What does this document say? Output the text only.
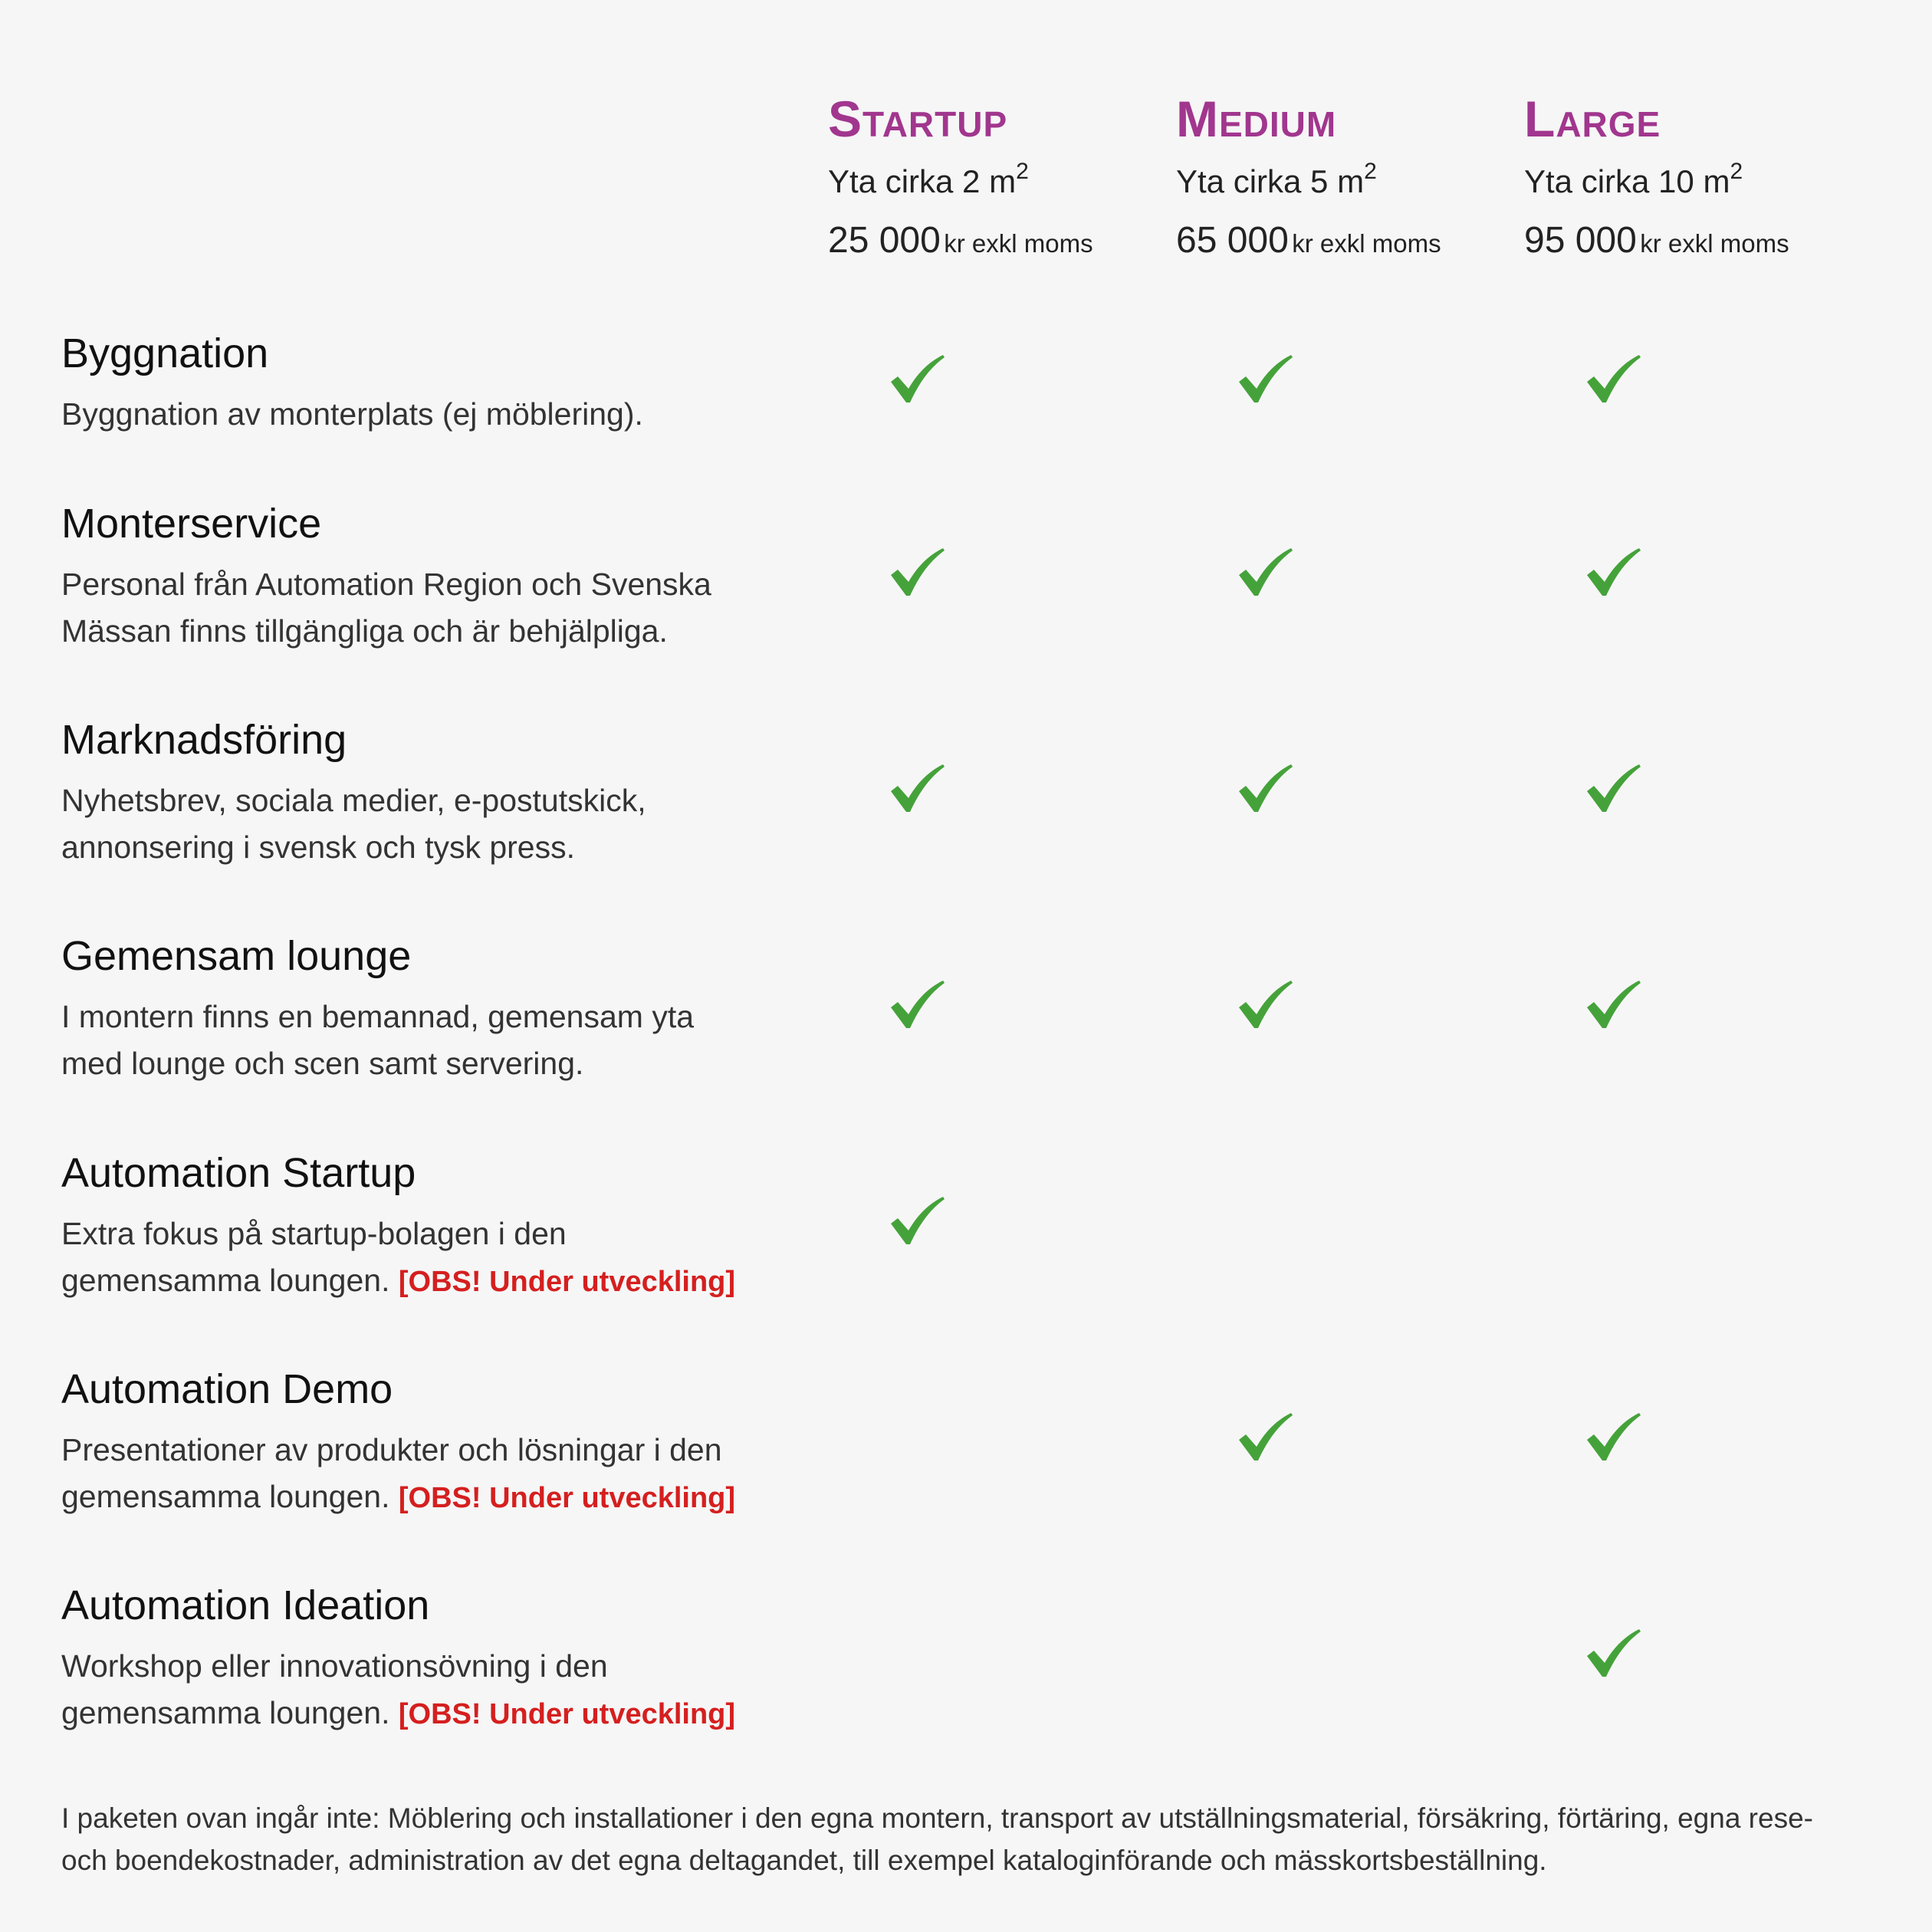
Startup
Yta cirka 2 $m^2$
25 000 kr exkl moms
Medium
Yta cirka 5 $m^2$
65 000 kr exkl moms
Large
Yta cirka 10 $m^2$
95 000 kr exkl moms
Byggnation
Byggnation av monterplats (ej möblering).
Monterservice
Personal från Automation Region och Svenska
Mässan finns tillgängliga och är behjälpliga.
Marknadsföring
Nyhetsbrev, sociala medier, e-postutskick,
annonsering i svensk och tysk press.
Gemensam lounge
I montern finns en bemannad, gemensam yta
med lounge och scen samt servering.
Automation Startup
Extra fokus på startup-bolagen i den
gemensamma loungen. [OBS! Under utveckling]
Automation Demo
Presentationer av produkter och lösningar i den
gemensamma loungen. [OBS! Under utveckling]
Automation Ideation
Workshop eller innovationsövning i den
gemensamma loungen. [OBS! Under utveckling]
I paketen ovan ingår inte: Möblering och installationer i den egna montern, transport av utställningsmaterial, försäkring, förtäring, egna rese-
och boendekostnader, administration av det egna deltagandet, till exempel kataloginförande och mässkortsbeställning.
